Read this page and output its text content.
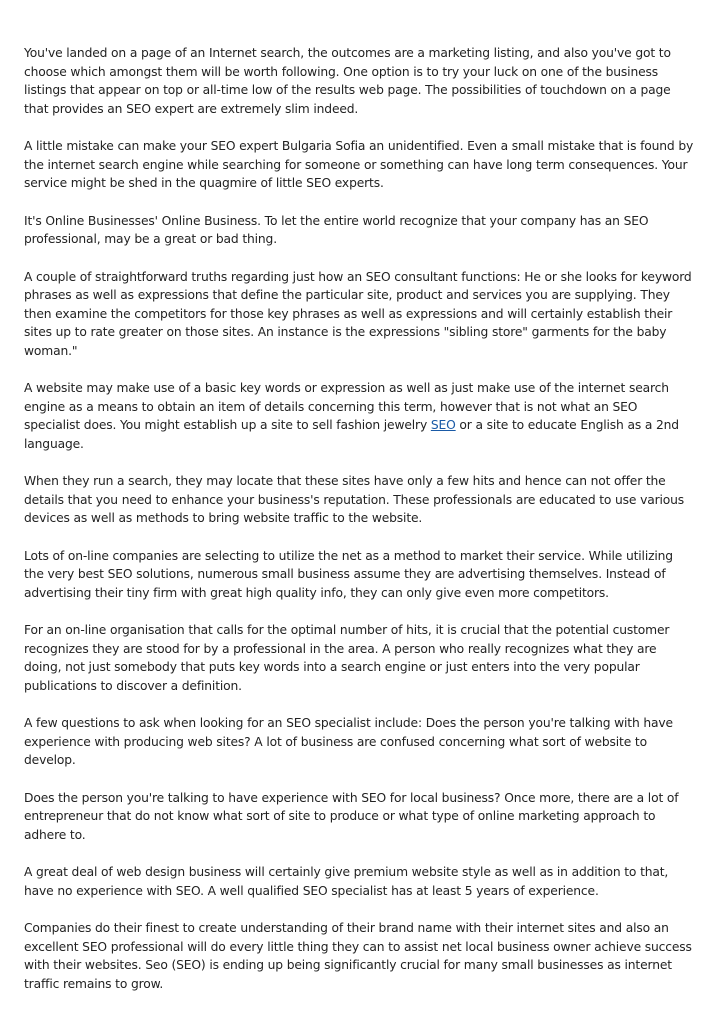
You've landed on a page of an Internet search, the outcomes are a marketing listing, and also you've got to choose which amongst them will be worth following. One option is to try your luck on one of the business listings that appear on top or all-time low of the results web page. The possibilities of touchdown on a page that provides an SEO expert are extremely slim indeed.

A little mistake can make your SEO expert Bulgaria Sofia an unidentified. Even a small mistake that is found by the internet search engine while searching for someone or something can have long term consequences. Your service might be shed in the quagmire of little SEO experts.

It's Online Businesses' Online Business. To let the entire world recognize that your company has an SEO professional, may be a great or bad thing.

A couple of straightforward truths regarding just how an SEO consultant functions: He or she looks for keyword phrases as well as expressions that define the particular site, product and services you are supplying. They then examine the competitors for those key phrases as well as expressions and will certainly establish their sites up to rate greater on those sites. An instance is the expressions "sibling store" garments for the baby woman."

A website may make use of a basic key words or expression as well as just make use of the internet search engine as a means to obtain an item of details concerning this term, however that is not what an SEO specialist does. You might establish up a site to sell fashion jewelry SEO or a site to educate English as a 2nd language.

When they run a search, they may locate that these sites have only a few hits and hence can not offer the details that you need to enhance your business's reputation. These professionals are educated to use various devices as well as methods to bring website traffic to the website.

Lots of on-line companies are selecting to utilize the net as a method to market their service. While utilizing the very best SEO solutions, numerous small business assume they are advertising themselves. Instead of advertising their tiny firm with great high quality info, they can only give even more competitors.

For an on-line organisation that calls for the optimal number of hits, it is crucial that the potential customer recognizes they are stood for by a professional in the area. A person who really recognizes what they are doing, not just somebody that puts key words into a search engine or just enters into the very popular publications to discover a definition.

A few questions to ask when looking for an SEO specialist include: Does the person you're talking with have experience with producing web sites? A lot of business are confused concerning what sort of website to develop.

Does the person you're talking to have experience with SEO for local business? Once more, there are a lot of entrepreneur that do not know what sort of site to produce or what type of online marketing approach to adhere to.

A great deal of web design business will certainly give premium website style as well as in addition to that, have no experience with SEO. A well qualified SEO specialist has at least 5 years of experience.

Companies do their finest to create understanding of their brand name with their internet sites and also an excellent SEO professional will do every little thing they can to assist net local business owner achieve success with their websites. Seo (SEO) is ending up being significantly crucial for many small businesses as internet traffic remains to grow.
